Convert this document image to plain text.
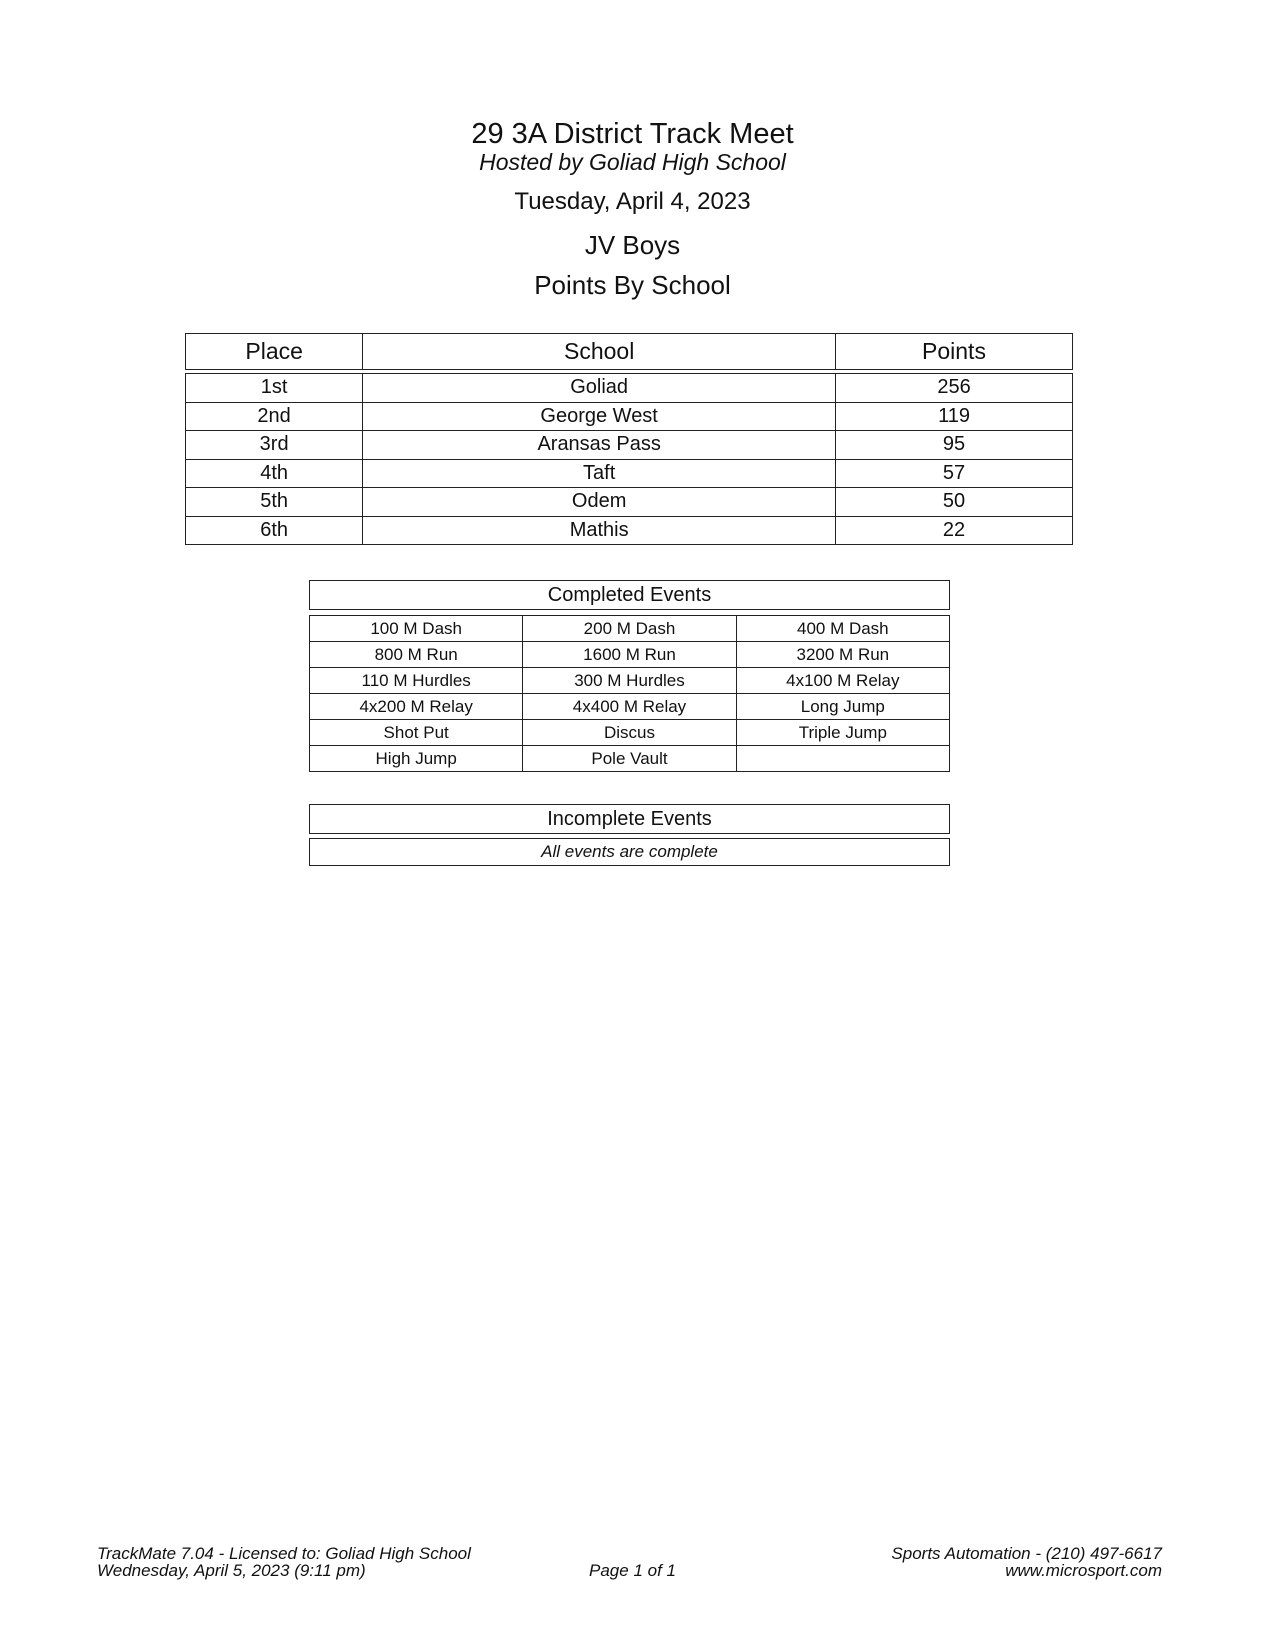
29 3A District Track Meet
Hosted by Goliad High School
Tuesday, April 4, 2023
JV Boys
Points By School
Place	School	Points
1st	Goliad	256
2nd	George West	119
3rd	Aransas Pass	95
4th	Taft	57
5th	Odem	50
6th	Mathis	22
Completed Events
100 M Dash	200 M Dash	400 M Dash
800 M Run	1600 M Run	3200 M Run
110 M Hurdles	300 M Hurdles	4x100 M Relay
4x200 M Relay	4x400 M Relay	Long Jump
Shot Put	Discus	Triple Jump
High Jump	Pole Vault	
Incomplete Events
All events are complete
TrackMate 7.04 - Licensed to: Goliad High School
Wednesday, April 5, 2023 (9:11 pm)	Page 1 of 1
Sports Automation - (210) 497-6617
www.microsport.com
